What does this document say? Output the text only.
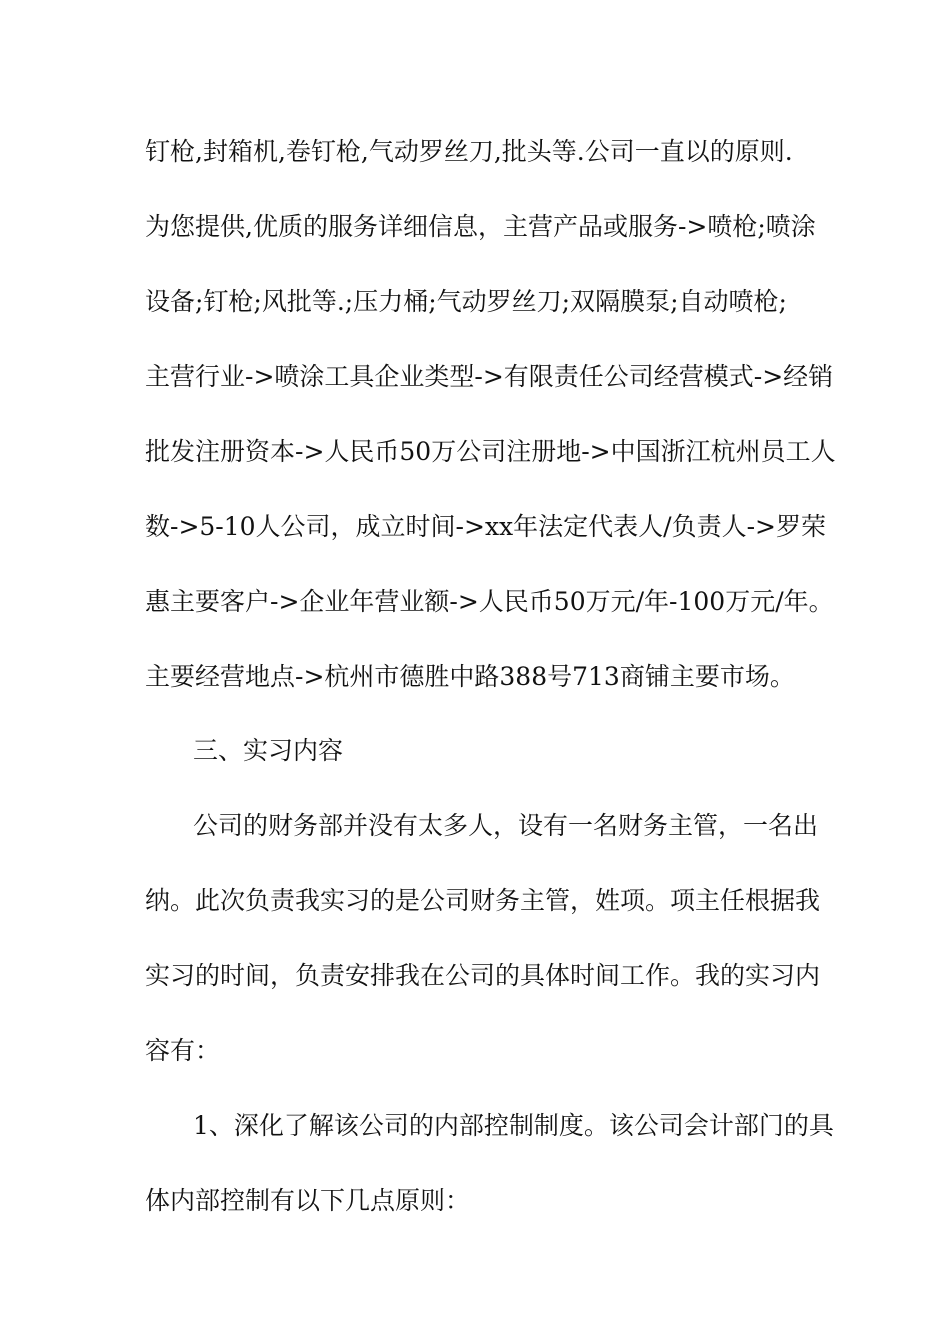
钉枪,封箱机,卷钉枪,气动罗丝刀,批头等.公司一直以的原则.
为您提供,优质的服务详细信息，主营产品或服务->喷枪;喷涂
设备;钉枪;风批等.;压力桶;气动罗丝刀;双隔膜泵;自动喷枪;
主营行业->喷涂工具企业类型->有限责任公司经营模式->经销
批发注册资本->人民币50万公司注册地->中国浙江杭州员工人
数->5-10人公司，成立时间->xx年法定代表人/负责人->罗荣
惠主要客户->企业年营业额->人民币50万元/年-100万元/年。
主要经营地点->杭州市德胜中路388号713商铺主要市场。
三、实习内容
公司的财务部并没有太多人，设有一名财务主管，一名出
纳。此次负责我实习的是公司财务主管，姓项。项主任根据我
实习的时间，负责安排我在公司的具体时间工作。我的实习内
容有：
1、深化了解该公司的内部控制制度。该公司会计部门的具
体内部控制有以下几点原则：
